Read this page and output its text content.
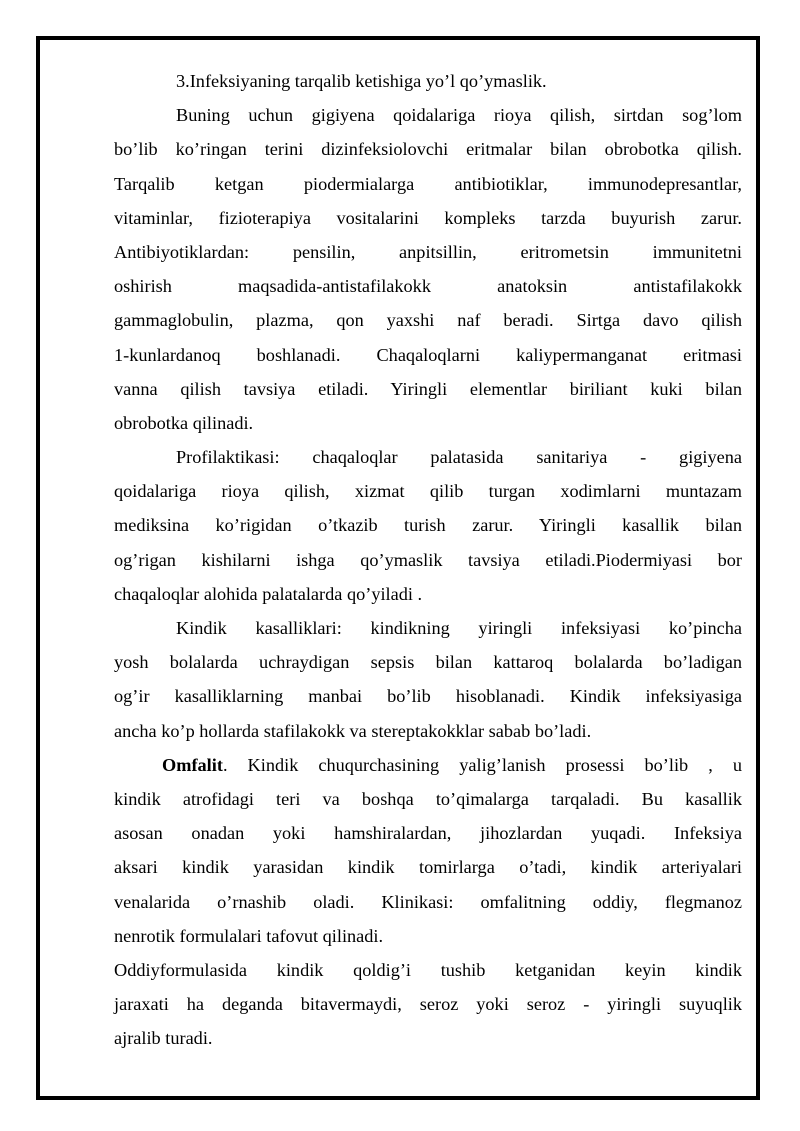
3.Infeksiyaning tarqalib ketishiga yo’l qo’ymaslik.
Buning uchun gigiyena qoidalariga rioya qilish, sirtdan sog’lom
bo’lib ko’ringan terini dizinfeksiolovchi eritmalar bilan obrobotka qilish.
Tarqalib ketgan piodermialarga antibiotiklar, immunodepresantlar,
vitaminlar, fizioterapiya vositalarini kompleks tarzda buyurish zarur.
Antibiyotiklardan: pensilin, anpitsillin, eritrometsin immunitetni
oshirish maqsadida-antistafilakokk anatoksin antistafilakokk
gammaglobulin, plazma, qon yaxshi naf beradi. Sirtga davo qilish
1-kunlardanoq boshlanadi. Chaqaloqlarni kaliypermanganat eritmasi
vanna qilish tavsiya etiladi. Yiringli elementlar biriliant kuki bilan
obrobotka qilinadi.
Profilaktikasi: chaqaloqlar palatasida sanitariya - gigiyena
qoidalariga rioya qilish, xizmat qilib turgan xodimlarni muntazam
mediksina ko’rigidan o’tkazib turish zarur. Yiringli kasallik bilan
og’rigan kishilarni ishga qo’ymaslik tavsiya etiladi.Piodermiyasi bor
chaqaloqlar alohida palatalarda qo’yiladi .
Kindik kasalliklari: kindikning yiringli infeksiyasi ko’pincha
yosh bolalarda uchraydigan sepsis bilan kattaroq bolalarda bo’ladigan
og’ir kasalliklarning manbai bo’lib hisoblanadi. Kindik infeksiyasiga
ancha ko’p hollarda stafilakokk va stereptakokklar sabab bo’ladi.
Omfalit. Kindik chuqurchasining yalig’lanish prosessi bo’lib , u
kindik atrofidagi teri va boshqa to’qimalarga tarqaladi. Bu kasallik
asosan onadan yoki hamshiralardan, jihozlardan yuqadi. Infeksiya
aksari kindik yarasidan kindik tomirlarga o’tadi, kindik arteriyalari
venalarida o’rnashib oladi. Klinikasi: omfalitning oddiy, flegmanoz
nenrotik formulalari tafovut qilinadi.
Oddiyformulasida kindik qoldig’i tushib ketganidan keyin kindik
jaraxati ha deganda bitavermaydi, seroz yoki seroz - yiringli suyuqlik
ajralib turadi.
